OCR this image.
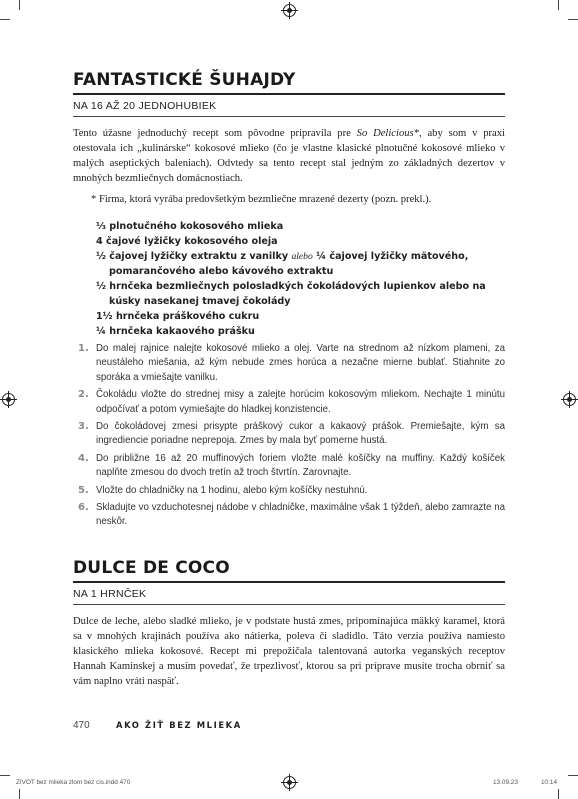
FANTASTICKÉ ŠUHAJDY
NA 16 AŽ 20 JEDNOHUBIEK

Tento úžasne jednoduchý recept som pôvodne pripravila pre So Delicious*, aby som v praxi otestovala ich „kulinárske“ kokosové mlieko (čo je vlastne klasické plnotučné kokosové mlieko v malých aseptických baleniach). Odvtedy sa tento recept stal jedným zo základných dezertov v mnohých bezmliečnych domácnostiach.

* Firma, ktorá vyrába predovšetkým bezmliečne mrazené dezerty (pozn. prekl.).

⅓ plnotučného kokosového mlieka
4 čajové lyžičky kokosového oleja
½ čajovej lyžičky extraktu z vanilky alebo ¼ čajovej lyžičky mätového, pomarančového alebo kávového extraktu
½ hrnčeka bezmliečnych polosladkých čokoládových lupienkov alebo na kúsky nasekanej tmavej čokolády
1½ hrnčeka práškového cukru
¼ hrnčeka kakaového prášku
1. Do malej rajnice nalejte kokosové mlieko a olej. Varte na strednom až nízkom plameni, za neustáleho miešania, až kým nebude zmes horúca a nezačne mierne bublať. Stiahnite zo sporáka a vmiešajte vanilku.
2. Čokoládu vložte do strednej misy a zalejte horúcim kokosovým mliekom. Nechajte 1 minútu odpočívať a potom vymiešajte do hladkej konzistencie.
3. Do čokoládovej zmesi prisypte práškový cukor a kakaový prášok. Premiešajte, kým sa ingrediencie poriadne neprepoja. Zmes by mala byť pomerne hustá.
4. Do približne 16 až 20 muffinových foriem vložte malé košíčky na muffiny. Každý košíček naplňte zmesou do dvoch tretín až troch štvrtín. Zarovnajte.
5. Vložte do chladničky na 1 hodinu, alebo kým košíčky nestuhnú.
6. Skladujte vo vzduchotesnej nádobe v chladničke, maximálne však 1 týždeň, alebo zamrazte na neskôr.
DULCE DE COCO
NA 1 HRNČEK

Dulce de leche, alebo sladké mlieko, je v podstate hustá zmes, pripomínajúca mäkký karamel, ktorá sa v mnohých krajinách používa ako nátierka, poleva či sladidlo. Táto verzia používa namiesto klasického mlieka kokosové. Recept mi prepožičala talentovaná autorka veganských receptov Hannah Kaminskej a musím povedať, že trpezlivosť, ktorou sa pri príprave musíte trocha obrniť sa vám naplno vráti naspäť.

470	AKO ŽIŤ BEZ MLIEKA
ZIVOT bez mlieka zlom bez cis.indd 470	13.09.23	10:14
